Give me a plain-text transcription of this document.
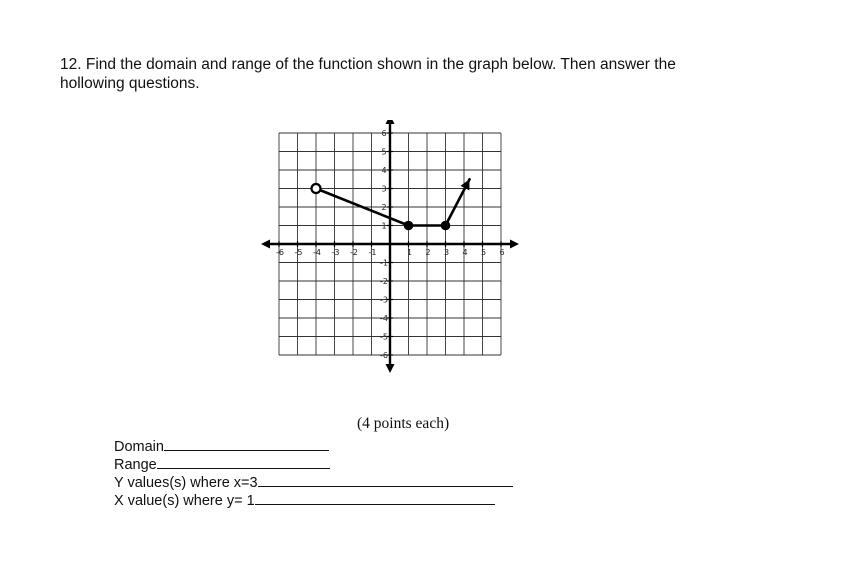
12. Find the domain and range of the function shown in the graph below. Then answer the
hollowing questions.
-6 -5 -4 -3 -2 -1	1 2 3 4 5 6
6
5
4
3
2
1
-1
-2
-3
-4
-5
-6
(4 points each)
Domain
Range
Y values(s) where x=3
X value(s) where y= 1
